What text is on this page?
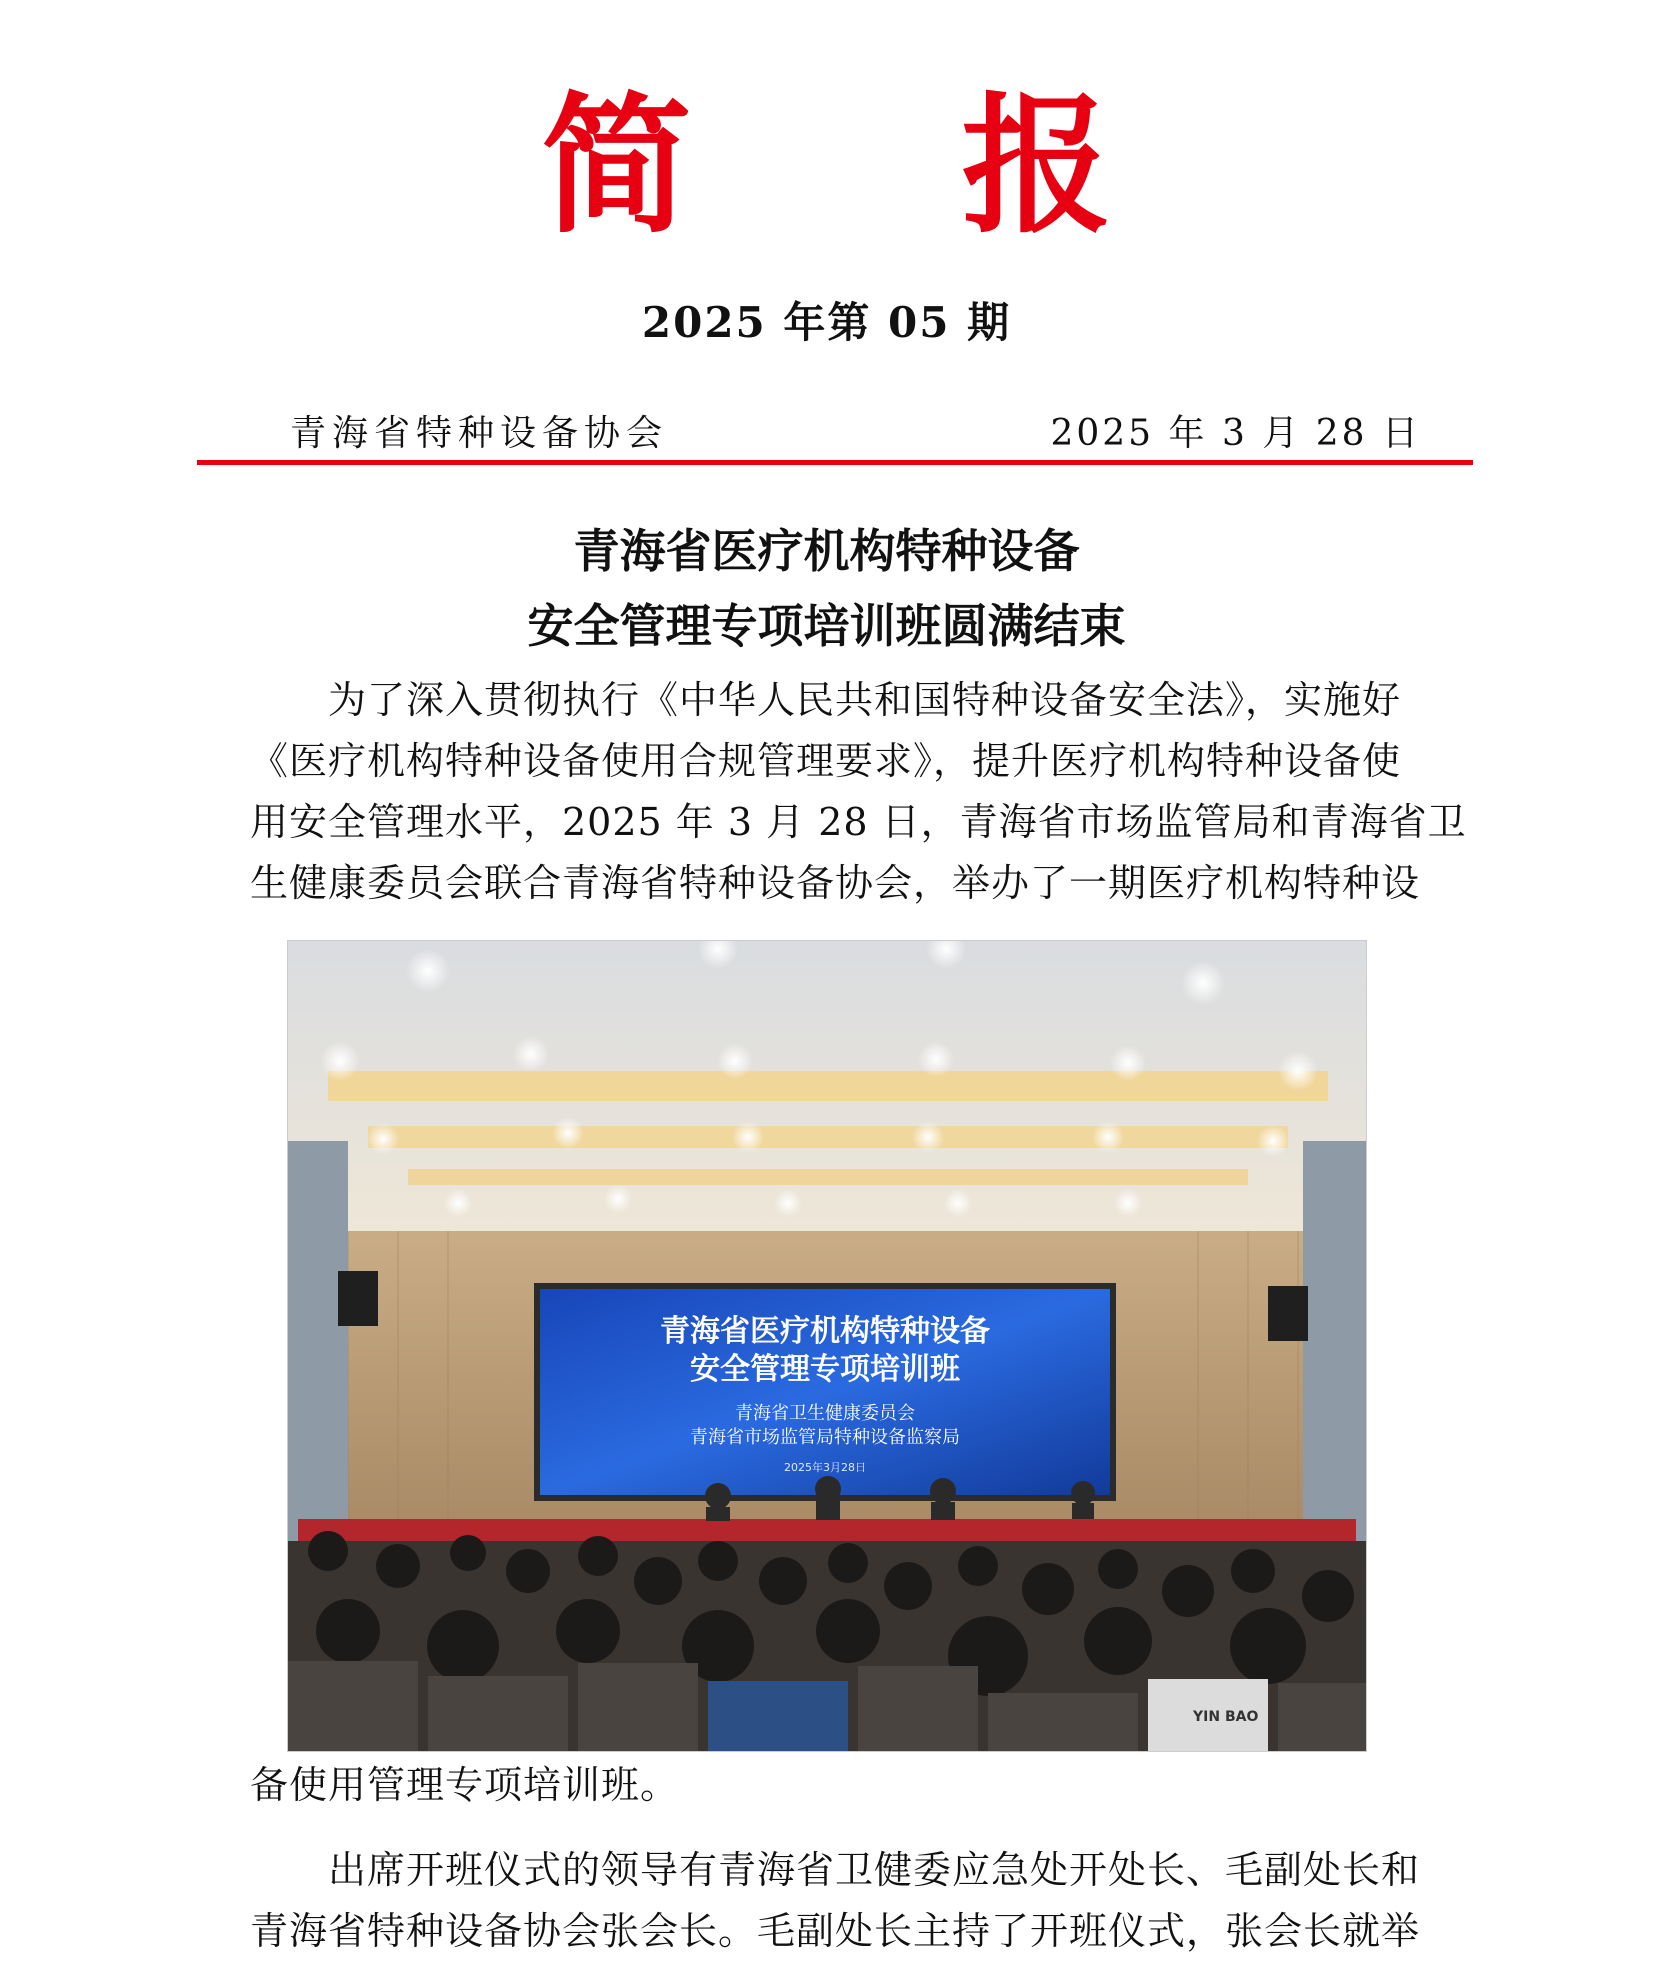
简 报
2025 年第 05 期
青海省特种设备协会	2025 年 3 月 28 日
青海省医疗机构特种设备
安全管理专项培训班圆满结束
　　为了深入贯彻执行《中华人民共和国特种设备安全法》，实施好
《医疗机构特种设备使用合规管理要求》，提升医疗机构特种设备使
用安全管理水平，2025 年 3 月 28 日，青海省市场监管局和青海省卫
生健康委员会联合青海省特种设备协会，举办了一期医疗机构特种设
青海省医疗机构特种设备
安全管理专项培训班
青海省卫生健康委员会
青海省市场监管局特种设备监察局
2025年3月28日
YIN BAO
备使用管理专项培训班。
　　出席开班仪式的领导有青海省卫健委应急处开处长、毛副处长和
青海省特种设备协会张会长。毛副处长主持了开班仪式，张会长就举
